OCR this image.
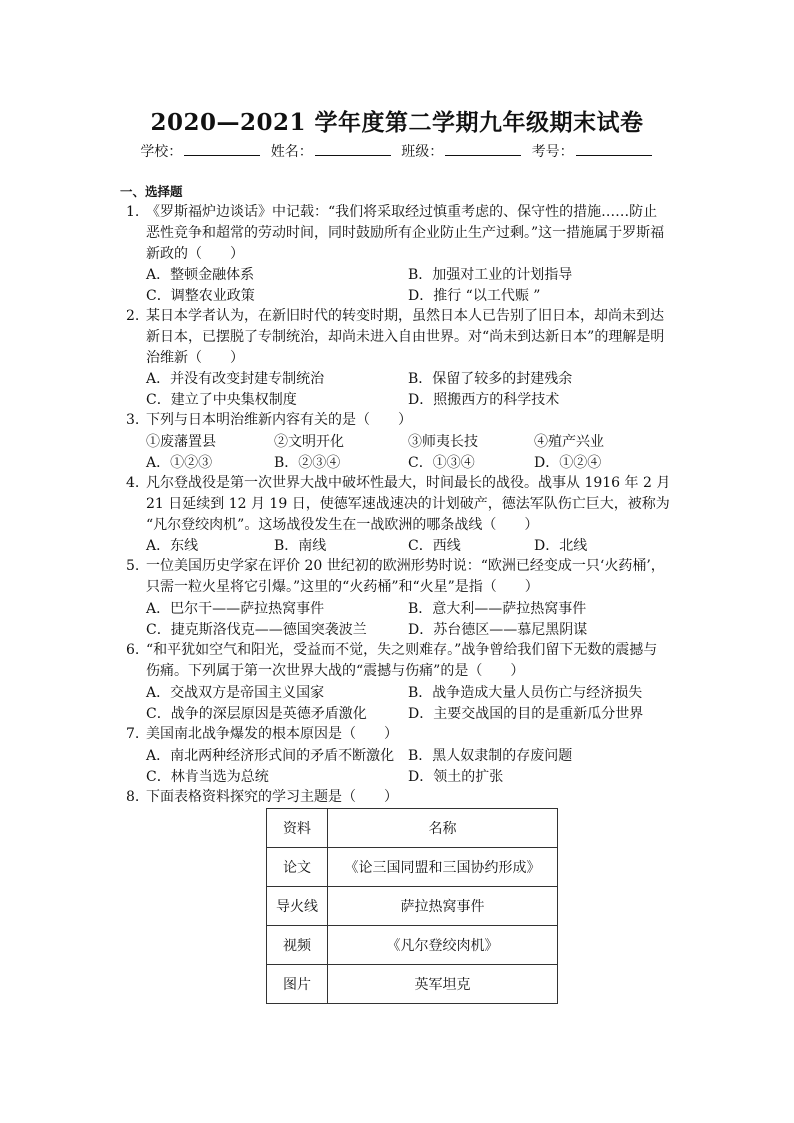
2020—2021 学年度第二学期九年级期末试卷
学校：	姓名：	班级：	考号：
一、选择题
1. 《罗斯福炉边谈话》中记载：“我们将采取经过慎重考虑的、保守性的措施……防止恶性竞争和超常的劳动时间，同时鼓励所有企业防止生产过剩。”这一措施属于罗斯福新政的（　　）
A．整顿金融体系	B．加强对工业的计划指导
C．调整农业政策	D．推行 “以工代赈 ”
2. 某日本学者认为，在新旧时代的转变时期，虽然日本人已告别了旧日本，却尚未到达新日本，已摆脱了专制统治，却尚未进入自由世界。对“尚未到达新日本”的理解是明治维新（　　）
A．并没有改变封建专制统治	B．保留了较多的封建残余
C．建立了中央集权制度	D．照搬西方的科学技术
3. 下列与日本明治维新内容有关的是（　　）
①废藩置县	②文明开化	③师夷长技	④殖产兴业
A．①②③	B．②③④	C．①③④	D．①②④
4. 凡尔登战役是第一次世界大战中破坏性最大，时间最长的战役。战事从 1916 年 2 月21 日延续到 12 月 19 日，使德军速战速决的计划破产，德法军队伤亡巨大，被称为 “凡尔登绞肉机”。这场战役发生在一战欧洲的哪条战线（　　）
A．东线	B．南线	C．西线	D．北线
5. 一位美国历史学家在评价 20 世纪初的欧洲形势时说：“欧洲已经变成一只‘火药桶’，只需一粒火星将它引爆。”这里的“火药桶”和“火星”是指（　　）
A．巴尔干——萨拉热窝事件	B．意大利——萨拉热窝事件
C．捷克斯洛伐克——德国突袭波兰	D．苏台德区——慕尼黑阴谋
6. “和平犹如空气和阳光，受益而不觉，失之则难存。”战争曾给我们留下无数的震撼与伤痛。下列属于第一次世界大战的“震撼与伤痛”的是（　　）
A．交战双方是帝国主义国家	B．战争造成大量人员伤亡与经济损失
C．战争的深层原因是英德矛盾激化	D．主要交战国的目的是重新瓜分世界
7. 美国南北战争爆发的根本原因是（　　）
A．南北两种经济形式间的矛盾不断激化 B．黑人奴隶制的存废问题
C．林肯当选为总统	D．领土的扩张
8. 下面表格资料探究的学习主题是（　　）
资料	名称
论文	《论三国同盟和三国协约形成》
导火线	萨拉热窝事件
视频	《凡尔登绞肉机》
图片	英军坦克
